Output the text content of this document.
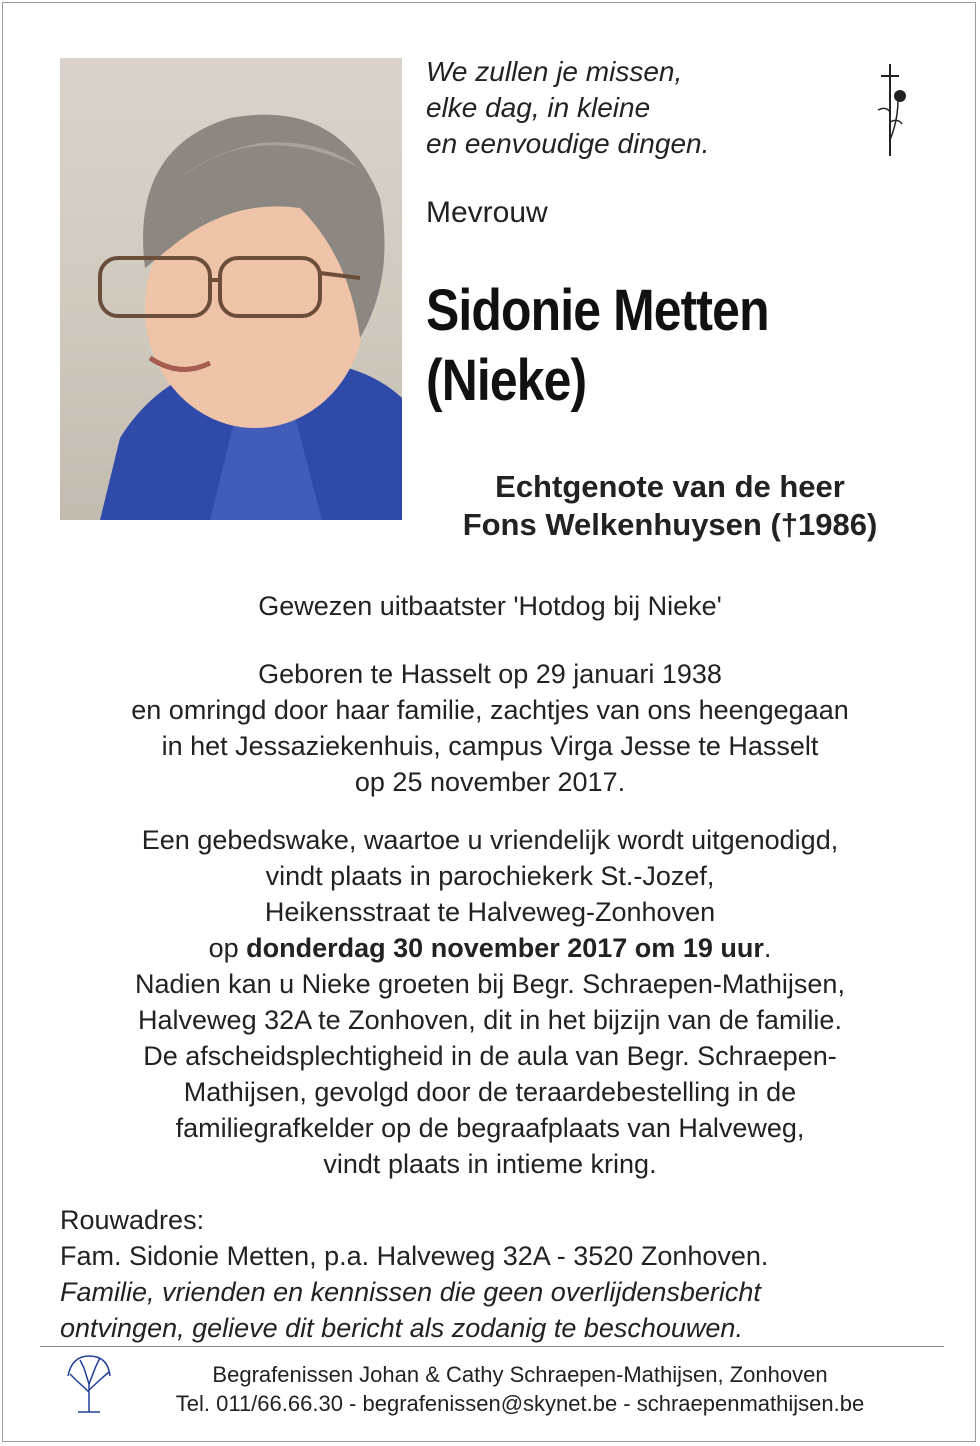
We zullen je missen,
elke dag, in kleine
en eenvoudige dingen.
Mevrouw
Sidonie Metten
(Nieke)
Echtgenote van de heer
Fons Welkenhuysen (†1986)
Gewezen uitbaatster 'Hotdog bij Nieke'
Geboren te Hasselt op 29 januari 1938
en omringd door haar familie, zachtjes van ons heengegaan
in het Jessaziekenhuis, campus Virga Jesse te Hasselt
op 25 november 2017.
Een gebedswake, waartoe u vriendelijk wordt uitgenodigd,
vindt plaats in parochiekerk St.-Jozef,
Heikensstraat te Halveweg-Zonhoven
op donderdag 30 november 2017 om 19 uur.
Nadien kan u Nieke groeten bij Begr. Schraepen-Mathijsen,
Halveweg 32A te Zonhoven, dit in het bijzijn van de familie.
De afscheidsplechtigheid in de aula van Begr. Schraepen-
Mathijsen, gevolgd door de teraardebestelling in de
familiegrafkelder op de begraafplaats van Halveweg,
vindt plaats in intieme kring.
Rouwadres:
Fam. Sidonie Metten, p.a. Halveweg 32A - 3520 Zonhoven.
Familie, vrienden en kennissen die geen overlijdensbericht
ontvingen, gelieve dit bericht als zodanig te beschouwen.
Begrafenissen Johan & Cathy Schraepen-Mathijsen, Zonhoven
Tel. 011/66.66.30 - begrafenissen@skynet.be - schraepenmathijsen.be
